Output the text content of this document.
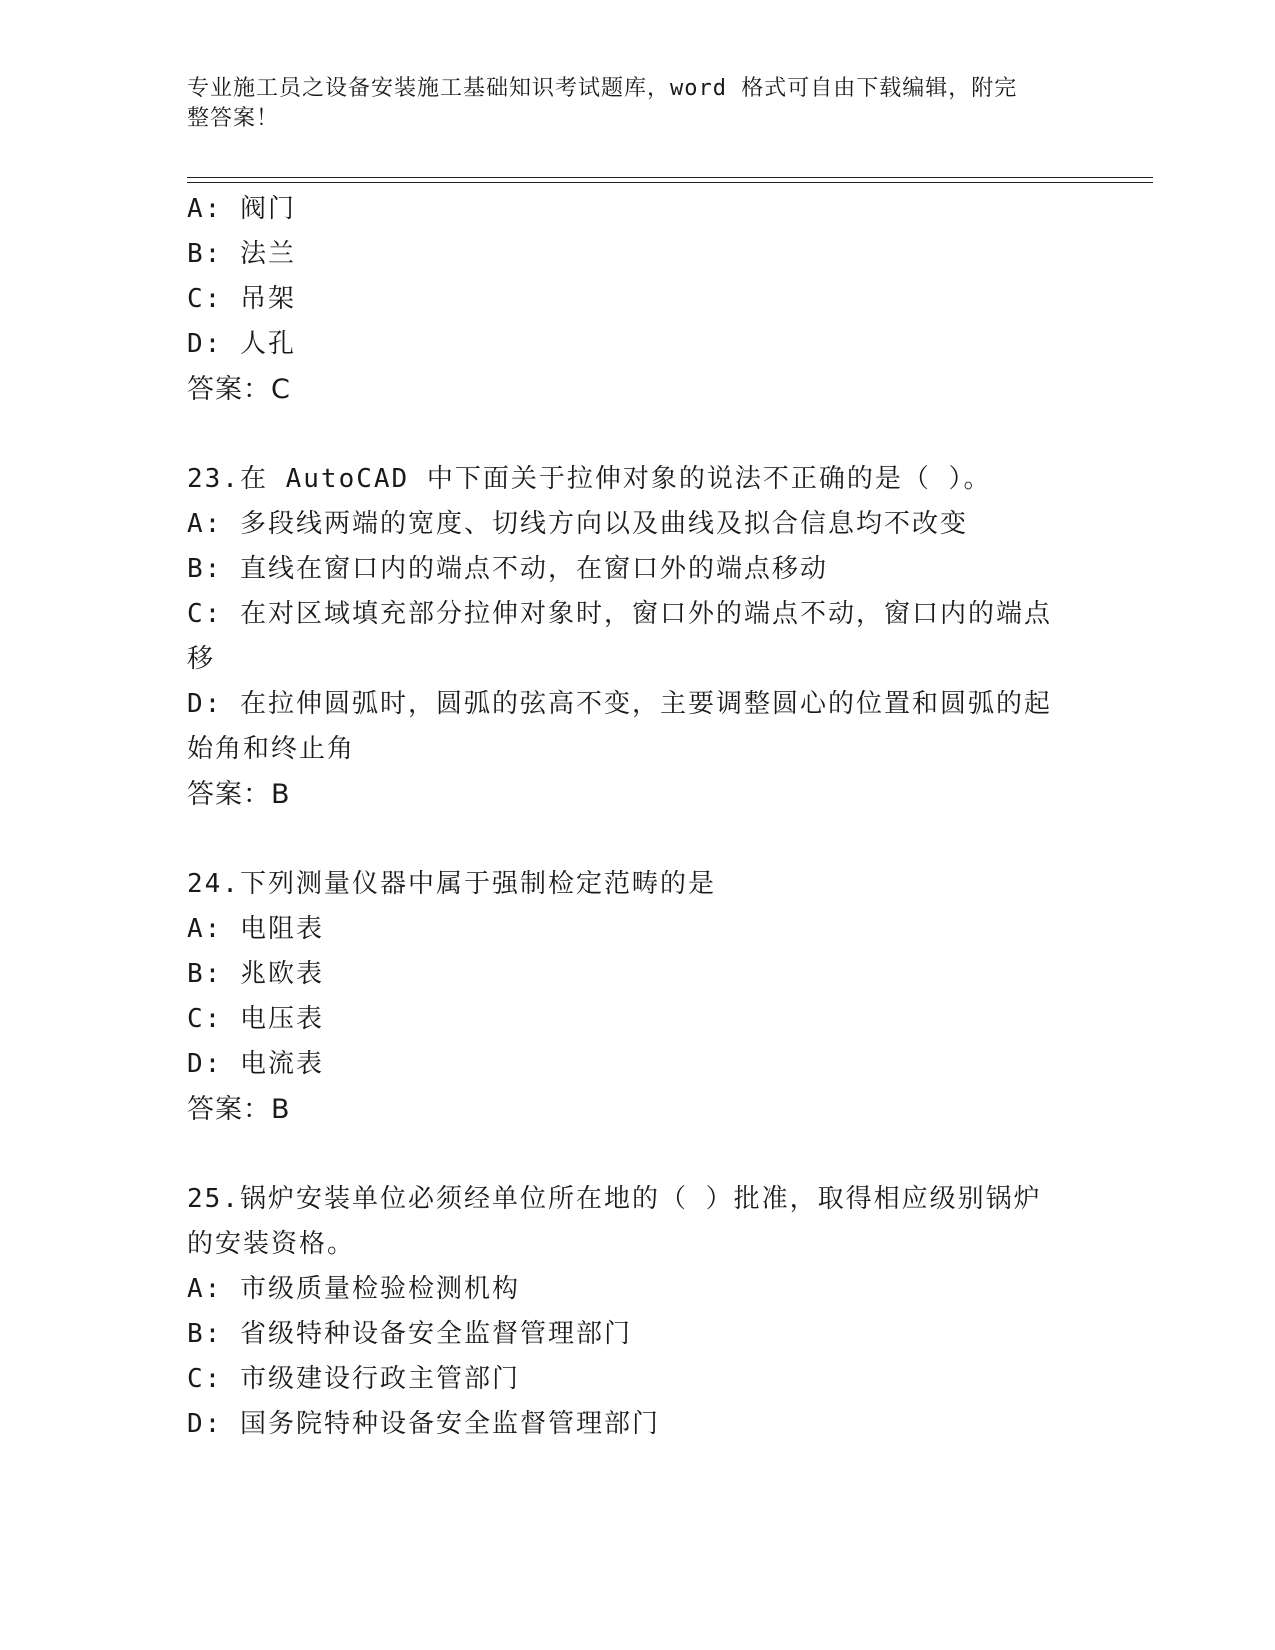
专业施工员之设备安装施工基础知识考试题库，word 格式可自由下载编辑，附完
整答案！
A: 阀门
B: 法兰
C: 吊架
D: 人孔
答案：C
23.在 AutoCAD 中下面关于拉伸对象的说法不正确的是（ ）。
A: 多段线两端的宽度、切线方向以及曲线及拟合信息均不改变
B: 直线在窗口内的端点不动，在窗口外的端点移动
C: 在对区域填充部分拉伸对象时，窗口外的端点不动，窗口内的端点
移
D: 在拉伸圆弧时，圆弧的弦高不变，主要调整圆心的位置和圆弧的起
始角和终止角
答案：B
24.下列测量仪器中属于强制检定范畴的是
A: 电阻表
B: 兆欧表
C: 电压表
D: 电流表
答案：B
25.锅炉安装单位必须经单位所在地的（ ）批准，取得相应级别锅炉
的安装资格。
A: 市级质量检验检测机构
B: 省级特种设备安全监督管理部门
C: 市级建设行政主管部门
D: 国务院特种设备安全监督管理部门
